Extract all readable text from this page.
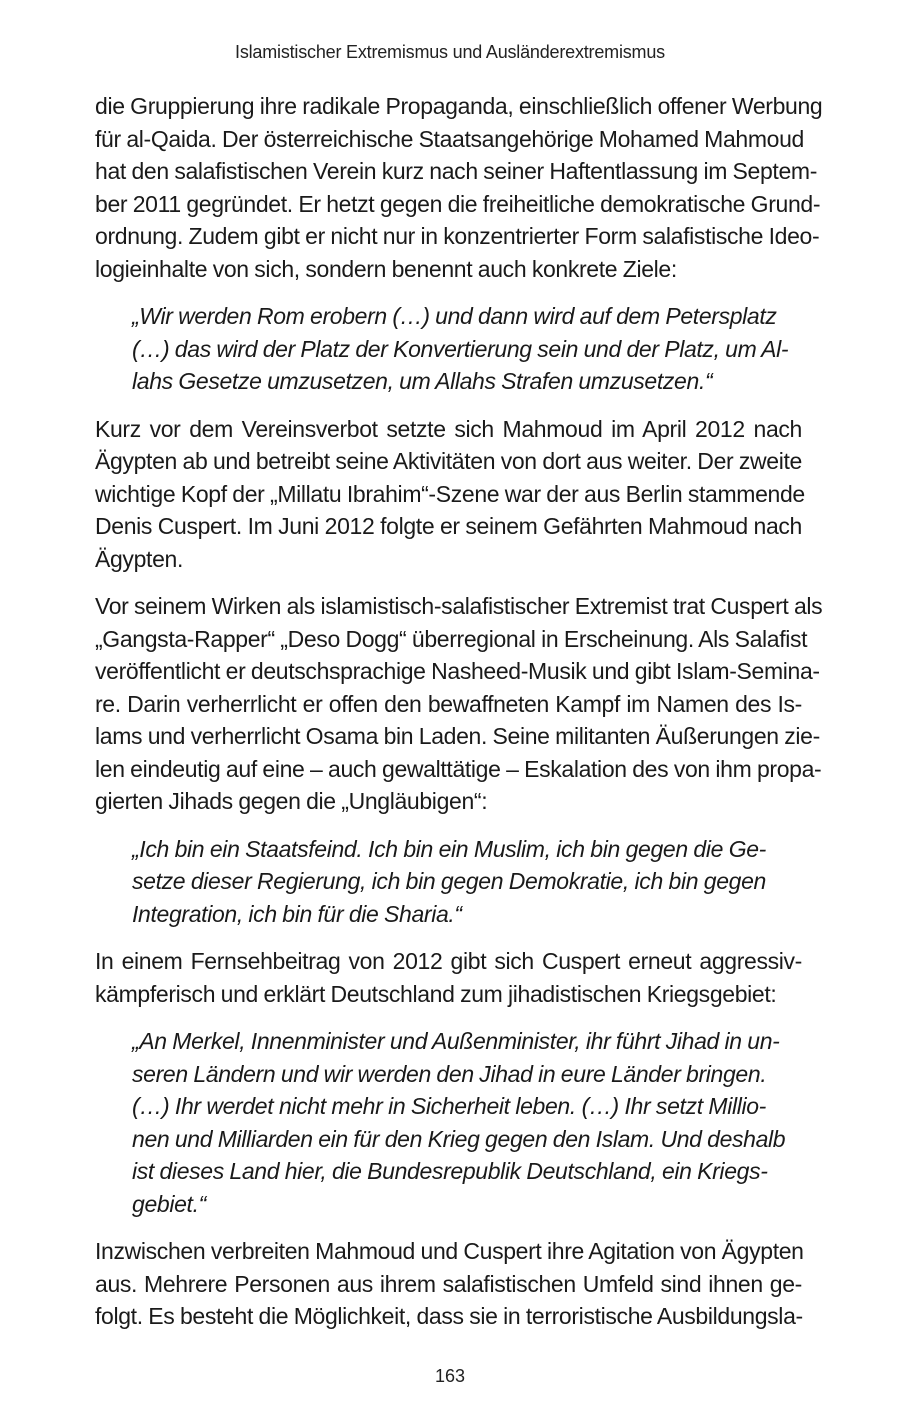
Islamistischer Extremismus und Ausländerextremismus
die Gruppierung ihre radikale Propaganda, einschließlich offener Werbung
für al-Qaida. Der österreichische Staatsangehörige Mohamed Mahmoud
hat den salafistischen Verein kurz nach seiner Haftentlassung im Septem-
ber 2011 gegründet. Er hetzt gegen die freiheitliche demokratische Grund-
ordnung. Zudem gibt er nicht nur in konzentrierter Form salafistische Ideo-
logieinhalte von sich, sondern benennt auch konkrete Ziele:
„Wir werden Rom erobern (…) und dann wird auf dem Petersplatz
(…) das wird der Platz der Konvertierung sein und der Platz, um Al-
lahs Gesetze umzusetzen, um Allahs Strafen umzusetzen.“
Kurz vor dem Vereinsverbot setzte sich Mahmoud im April 2012 nach
Ägypten ab und betreibt seine Aktivitäten von dort aus weiter. Der zweite
wichtige Kopf der „Millatu Ibrahim“-Szene war der aus Berlin stammende
Denis Cuspert. Im Juni 2012 folgte er seinem Gefährten Mahmoud nach
Ägypten.
Vor seinem Wirken als islamistisch-salafistischer Extremist trat Cuspert als
„Gangsta-Rapper“ „Deso Dogg“ überregional in Erscheinung. Als Salafist
veröffentlicht er deutschsprachige Nasheed-Musik und gibt Islam-Semina-
re. Darin verherrlicht er offen den bewaffneten Kampf im Namen des Is-
lams und verherrlicht Osama bin Laden. Seine militanten Äußerungen zie-
len eindeutig auf eine – auch gewalttätige – Eskalation des von ihm propa-
gierten Jihads gegen die „Ungläubigen“:
„Ich bin ein Staatsfeind. Ich bin ein Muslim, ich bin gegen die Ge-
setze dieser Regierung, ich bin gegen Demokratie, ich bin gegen
Integration, ich bin für die Sharia.“
In einem Fernsehbeitrag von 2012 gibt sich Cuspert erneut aggressiv-
kämpferisch und erklärt Deutschland zum jihadistischen Kriegsgebiet:
„An Merkel, Innenminister und Außenminister, ihr führt Jihad in un-
seren Ländern und wir werden den Jihad in eure Länder bringen.
(…) Ihr werdet nicht mehr in Sicherheit leben. (…) Ihr setzt Millio-
nen und Milliarden ein für den Krieg gegen den Islam. Und deshalb
ist dieses Land hier, die Bundesrepublik Deutschland, ein Kriegs-
gebiet.“
Inzwischen verbreiten Mahmoud und Cuspert ihre Agitation von Ägypten
aus. Mehrere Personen aus ihrem salafistischen Umfeld sind ihnen ge-
folgt. Es besteht die Möglichkeit, dass sie in terroristische Ausbildungsla-
163
